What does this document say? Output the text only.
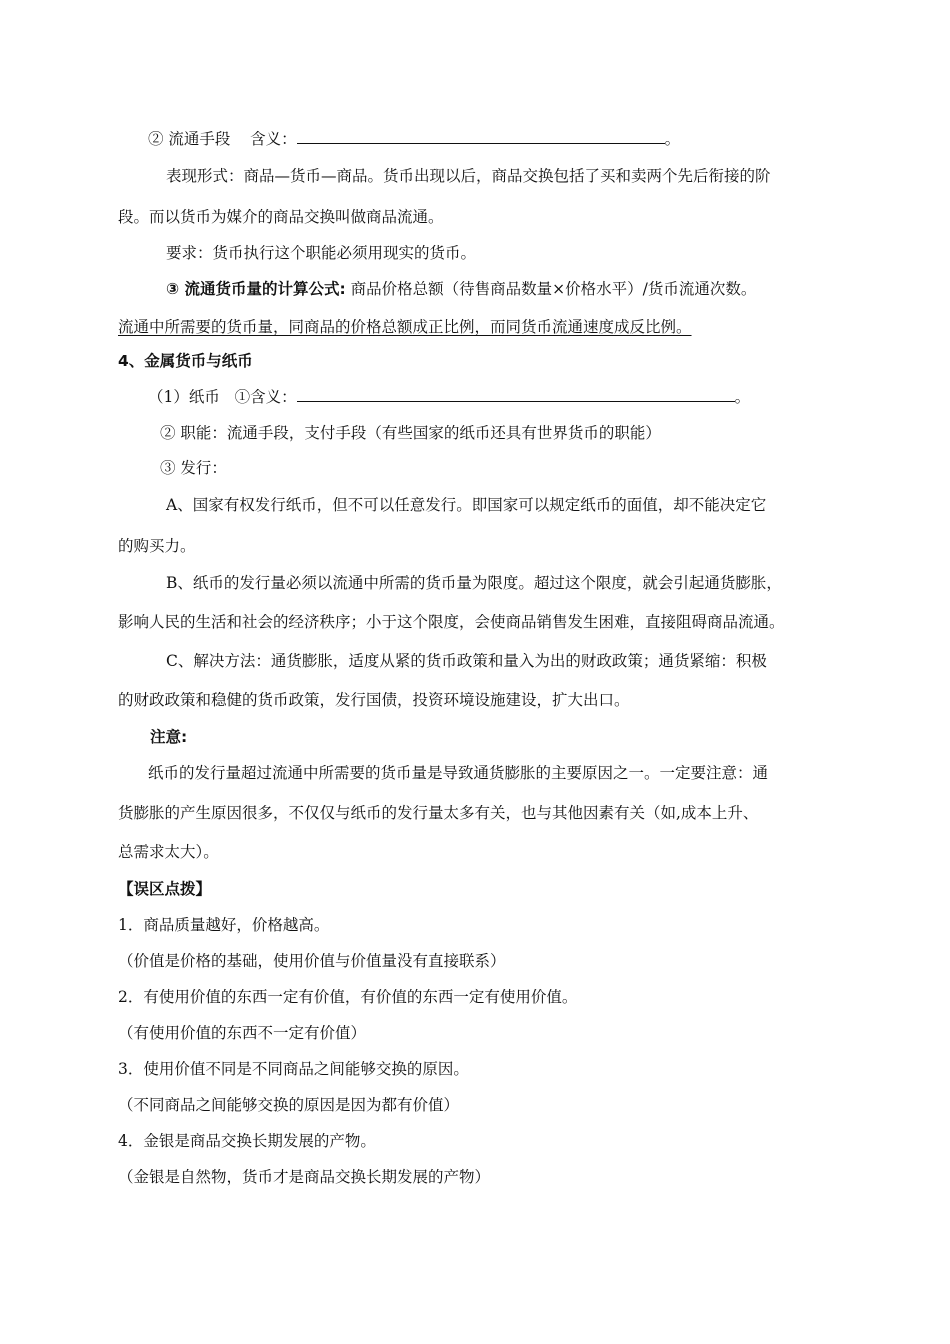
② 流通手段 含义：	。
表现形式：商品—货币—商品。货币出现以后，商品交换包括了买和卖两个先后衔接的阶
段。而以货币为媒介的商品交换叫做商品流通。
要求：货币执行这个职能必须用现实的货币。
③ 流通货币量的计算公式: 商品价格总额（待售商品数量×价格水平）/货币流通次数。
流通中所需要的货币量，同商品的价格总额成正比例，而同货币流通速度成反比例。
4、金属货币与纸币
（1）纸币 ①含义：	。
② 职能：流通手段，支付手段（有些国家的纸币还具有世界货币的职能）
③ 发行：
A、国家有权发行纸币，但不可以任意发行。即国家可以规定纸币的面值，却不能决定它
的购买力。
B、纸币的发行量必须以流通中所需的货币量为限度。超过这个限度，就会引起通货膨胀，
影响人民的生活和社会的经济秩序；小于这个限度，会使商品销售发生困难，直接阻碍商品流通。
C、解决方法：通货膨胀，适度从紧的货币政策和量入为出的财政政策；通货紧缩：积极
的财政政策和稳健的货币政策，发行国债，投资环境设施建设，扩大出口。
注意:
纸币的发行量超过流通中所需要的货币量是导致通货膨胀的主要原因之一。一定要注意：通
货膨胀的产生原因很多，不仅仅与纸币的发行量太多有关，也与其他因素有关（如,成本上升、
总需求太大）。
【误区点拨】
1．商品质量越好，价格越高。
（价值是价格的基础，使用价值与价值量没有直接联系）
2．有使用价值的东西一定有价值，有价值的东西一定有使用价值。
（有使用价值的东西不一定有价值）
3．使用价值不同是不同商品之间能够交换的原因。
（不同商品之间能够交换的原因是因为都有价值）
4．金银是商品交换长期发展的产物。
（金银是自然物，货币才是商品交换长期发展的产物）
